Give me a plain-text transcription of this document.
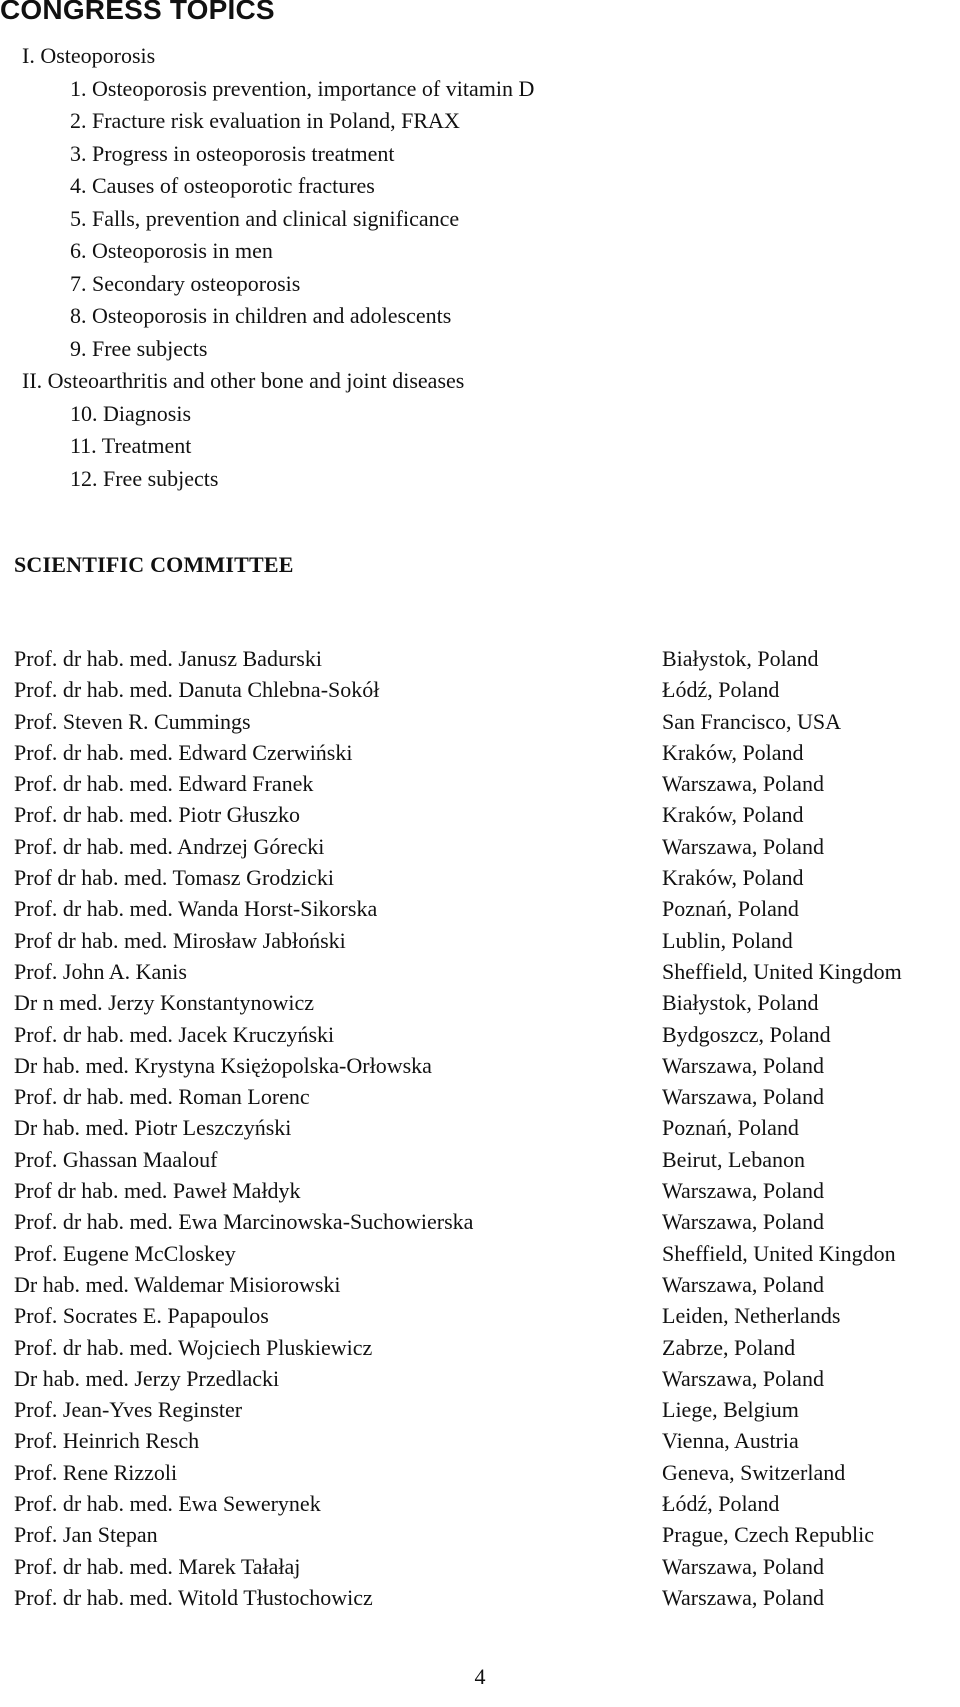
CONGRESS TOPICS
I. Osteoporosis
1. Osteoporosis prevention, importance of vitamin D
2. Fracture risk evaluation in Poland, FRAX
3. Progress in osteoporosis treatment
4. Causes of osteoporotic fractures
5. Falls, prevention and clinical significance
6. Osteoporosis in men
7. Secondary osteoporosis
8. Osteoporosis in children and adolescents
9. Free subjects
II. Osteoarthritis and other bone and joint diseases
10. Diagnosis
11. Treatment
12. Free subjects
SCIENTIFIC COMMITTEE
Prof. dr hab. med. Janusz Badurski	Białystok, Poland
Prof. dr hab. med. Danuta Chlebna-Sokół	Łódź, Poland
Prof. Steven R. Cummings	San Francisco, USA
Prof. dr hab. med. Edward Czerwiński	Kraków, Poland
Prof. dr hab. med. Edward Franek	Warszawa, Poland
Prof. dr hab. med. Piotr Głuszko	Kraków, Poland
Prof. dr hab. med. Andrzej Górecki	Warszawa, Poland
Prof dr hab. med. Tomasz Grodzicki	Kraków, Poland
Prof. dr hab. med. Wanda Horst-Sikorska	Poznań, Poland
Prof dr hab. med. Mirosław Jabłoński	Lublin, Poland
Prof. John A. Kanis	Sheffield, United Kingdom
Dr n med. Jerzy Konstantynowicz	Białystok, Poland
Prof. dr hab. med. Jacek Kruczyński	Bydgoszcz, Poland
Dr hab. med. Krystyna Księżopolska-Orłowska	Warszawa, Poland
Prof. dr hab. med. Roman Lorenc	Warszawa, Poland
Dr hab. med. Piotr Leszczyński	Poznań, Poland
Prof. Ghassan Maalouf	Beirut, Lebanon
Prof dr hab. med. Paweł Małdyk	Warszawa, Poland
Prof. dr hab. med. Ewa Marcinowska-Suchowierska	Warszawa, Poland
Prof. Eugene McCloskey	Sheffield, United Kingdon
Dr hab. med. Waldemar Misiorowski	Warszawa, Poland
Prof. Socrates E. Papapoulos	Leiden, Netherlands
Prof. dr hab. med. Wojciech Pluskiewicz	Zabrze, Poland
Dr hab. med. Jerzy Przedlacki	Warszawa, Poland
Prof. Jean-Yves Reginster	Liege, Belgium
Prof. Heinrich Resch	Vienna, Austria
Prof. Rene Rizzoli	Geneva, Switzerland
Prof. dr hab. med. Ewa Sewerynek	Łódź, Poland
Prof. Jan Stepan	Prague, Czech Republic
Prof. dr hab. med. Marek Tałałaj	Warszawa, Poland
Prof. dr hab. med. Witold Tłustochowicz	Warszawa, Poland
4
